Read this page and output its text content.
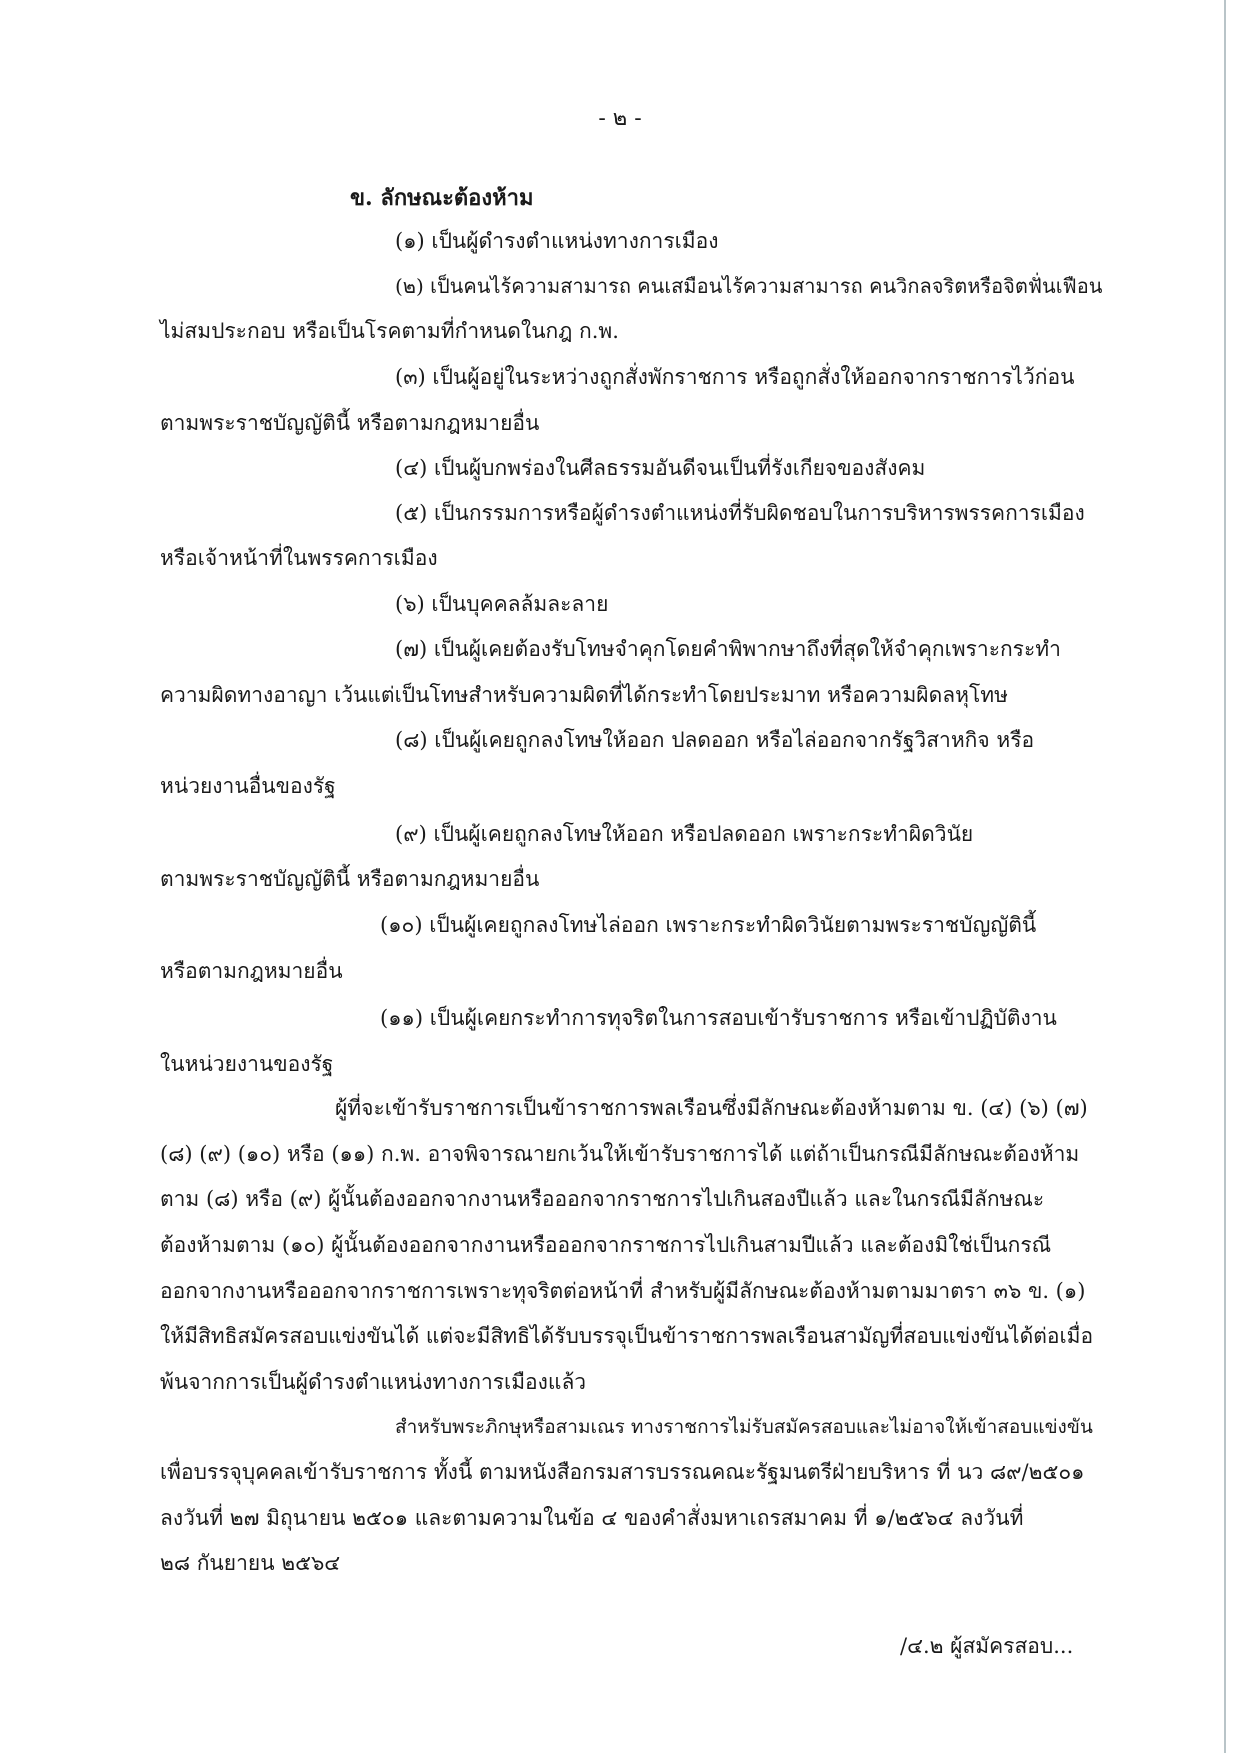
- ๒ -
ข. ลักษณะต้องห้าม
(๑) เป็นผู้ดำรงตำแหน่งทางการเมือง
(๒) เป็นคนไร้ความสามารถ คนเสมือนไร้ความสามารถ คนวิกลจริตหรือจิตฟั่นเฟือน
ไม่สมประกอบ หรือเป็นโรคตามที่กำหนดในกฎ ก.พ.
(๓) เป็นผู้อยู่ในระหว่างถูกสั่งพักราชการ หรือถูกสั่งให้ออกจากราชการไว้ก่อน
ตามพระราชบัญญัตินี้ หรือตามกฎหมายอื่น
(๔) เป็นผู้บกพร่องในศีลธรรมอันดีจนเป็นที่รังเกียจของสังคม
(๕) เป็นกรรมการหรือผู้ดำรงตำแหน่งที่รับผิดชอบในการบริหารพรรคการเมือง
หรือเจ้าหน้าที่ในพรรคการเมือง
(๖) เป็นบุคคลล้มละลาย
(๗) เป็นผู้เคยต้องรับโทษจำคุกโดยคำพิพากษาถึงที่สุดให้จำคุกเพราะกระทำ
ความผิดทางอาญา เว้นแต่เป็นโทษสำหรับความผิดที่ได้กระทำโดยประมาท หรือความผิดลหุโทษ
(๘) เป็นผู้เคยถูกลงโทษให้ออก ปลดออก หรือไล่ออกจากรัฐวิสาหกิจ หรือ
หน่วยงานอื่นของรัฐ
(๙) เป็นผู้เคยถูกลงโทษให้ออก หรือปลดออก เพราะกระทำผิดวินัย
ตามพระราชบัญญัตินี้ หรือตามกฎหมายอื่น
(๑๐) เป็นผู้เคยถูกลงโทษไล่ออก เพราะกระทำผิดวินัยตามพระราชบัญญัตินี้
หรือตามกฎหมายอื่น
(๑๑) เป็นผู้เคยกระทำการทุจริตในการสอบเข้ารับราชการ หรือเข้าปฏิบัติงาน
ในหน่วยงานของรัฐ
ผู้ที่จะเข้ารับราชการเป็นข้าราชการพลเรือนซึ่งมีลักษณะต้องห้ามตาม ข. (๔) (๖) (๗)
(๘) (๙) (๑๐) หรือ (๑๑) ก.พ. อาจพิจารณายกเว้นให้เข้ารับราชการได้ แต่ถ้าเป็นกรณีมีลักษณะต้องห้าม
ตาม (๘) หรือ (๙) ผู้นั้นต้องออกจากงานหรือออกจากราชการไปเกินสองปีแล้ว และในกรณีมีลักษณะ
ต้องห้ามตาม (๑๐) ผู้นั้นต้องออกจากงานหรือออกจากราชการไปเกินสามปีแล้ว และต้องมิใช่เป็นกรณี
ออกจากงานหรือออกจากราชการเพราะทุจริตต่อหน้าที่ สำหรับผู้มีลักษณะต้องห้ามตามมาตรา ๓๖ ข. (๑)
ให้มีสิทธิสมัครสอบแข่งขันได้ แต่จะมีสิทธิได้รับบรรจุเป็นข้าราชการพลเรือนสามัญที่สอบแข่งขันได้ต่อเมื่อ
พ้นจากการเป็นผู้ดำรงตำแหน่งทางการเมืองแล้ว
สำหรับพระภิกษุหรือสามเณร ทางราชการไม่รับสมัครสอบและไม่อาจให้เข้าสอบแข่งขัน
เพื่อบรรจุบุคคลเข้ารับราชการ ทั้งนี้ ตามหนังสือกรมสารบรรณคณะรัฐมนตรีฝ่ายบริหาร ที่ นว ๘๙/๒๕๐๑
ลงวันที่ ๒๗ มิถุนายน ๒๕๐๑ และตามความในข้อ ๔ ของคำสั่งมหาเถรสมาคม ที่ ๑/๒๕๖๔ ลงวันที่
๒๘ กันยายน ๒๕๖๔
/๔.๒ ผู้สมัครสอบ...
